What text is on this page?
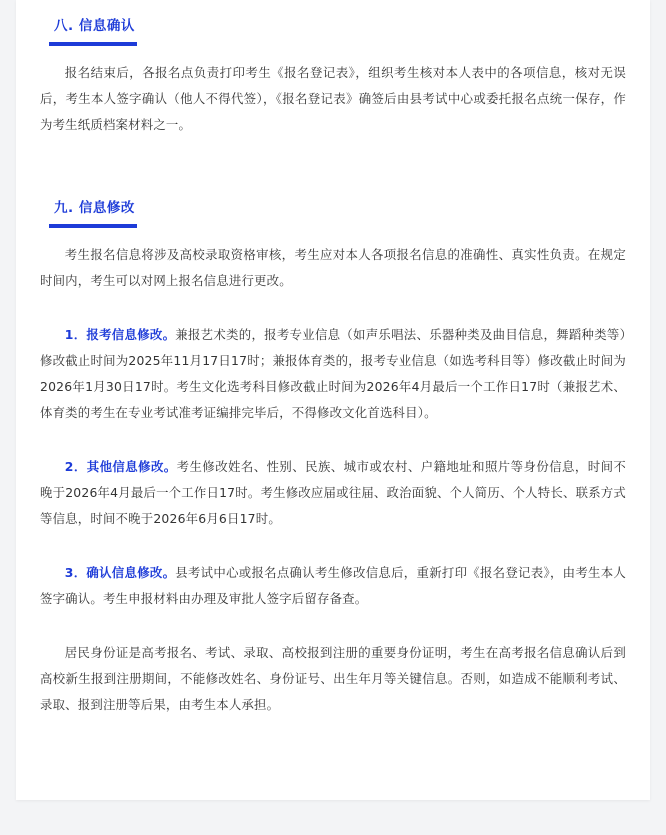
八. 信息确认

报名结束后，各报名点负责打印考生《报名登记表》，组织考生核对本人表中的各项信息，核对无误后，考生本人签字确认（他人不得代签），《报名登记表》确签后由县考试中心或委托报名点统一保存，作为考生纸质档案材料之一。

九. 信息修改

考生报名信息将涉及高校录取资格审核，考生应对本人各项报名信息的准确性、真实性负责。在规定时间内，考生可以对网上报名信息进行更改。

1．报考信息修改。兼报艺术类的，报考专业信息（如声乐唱法、乐器种类及曲目信息，舞蹈种类等）修改截止时间为2025年11月17日17时；兼报体育类的，报考专业信息（如选考科目等）修改截止时间为2026年1月30日17时。考生文化选考科目修改截止时间为2026年4月最后一个工作日17时（兼报艺术、体育类的考生在专业考试准考证编排完毕后，不得修改文化首选科目）。

2．其他信息修改。考生修改姓名、性别、民族、城市或农村、户籍地址和照片等身份信息，时间不晚于2026年4月最后一个工作日17时。考生修改应届或往届、政治面貌、个人简历、个人特长、联系方式等信息，时间不晚于2026年6月6日17时。

3．确认信息修改。县考试中心或报名点确认考生修改信息后，重新打印《报名登记表》，由考生本人签字确认。考生申报材料由办理及审批人签字后留存备查。

居民身份证是高考报名、考试、录取、高校报到注册的重要身份证明，考生在高考报名信息确认后到高校新生报到注册期间，不能修改姓名、身份证号、出生年月等关键信息。否则，如造成不能顺利考试、录取、报到注册等后果，由考生本人承担。
